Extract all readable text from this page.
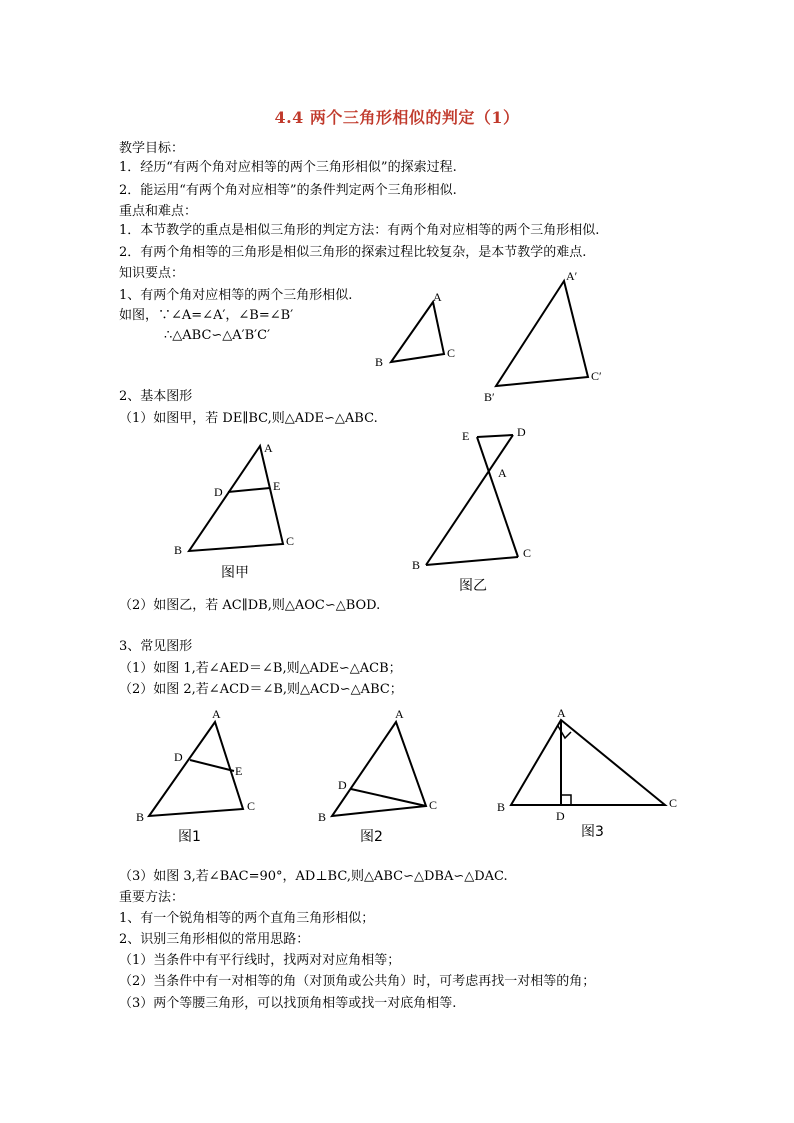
4.4 两个三角形相似的判定（1）
教学目标：
1．经历“有两个角对应相等的两个三角形相似”的探索过程.
2．能运用“有两个角对应相等”的条件判定两个三角形相似.
重点和难点：
1．本节教学的重点是相似三角形的判定方法：有两个角对应相等的两个三角形相似.
2．有两个角相等的三角形是相似三角形的探索过程比较复杂，是本节教学的难点.
知识要点：
1、有两个角对应相等的两个三角形相似.
如图，∵∠A=∠A′，∠B=∠B′
∴△ABC∽△A′B′C′
2、基本图形
（1）如图甲，若 DE∥BC,则△ADE∽△ABC.
（2）如图乙，若 AC∥DB,则△AOC∽△BOD.
3、常见图形
（1）如图 1,若∠AED＝∠B,则△ADE∽△ACB；
（2）如图 2,若∠ACD＝∠B,则△ACD∽△ABC；
（3）如图 3,若∠BAC=90°，AD⊥BC,则△ABC∽△DBA∽△DAC.
重要方法：
1、有一个锐角相等的两个直角三角形相似；
2、识别三角形相似的常用思路：
（1）当条件中有平行线时，找两对对应角相等；
（2）当条件中有一对相等的角（对顶角或公共角）时，可考虑再找一对相等的角；
（3）两个等腰三角形，可以找顶角相等或找一对底角相等.
A
B
C
A′
B′
C′
A
B
C
D	E
图甲
E	D
A
B
C
图乙
A
B
C
D
E
图1
A
B
C
D
图2
A
B	C
D
图3
